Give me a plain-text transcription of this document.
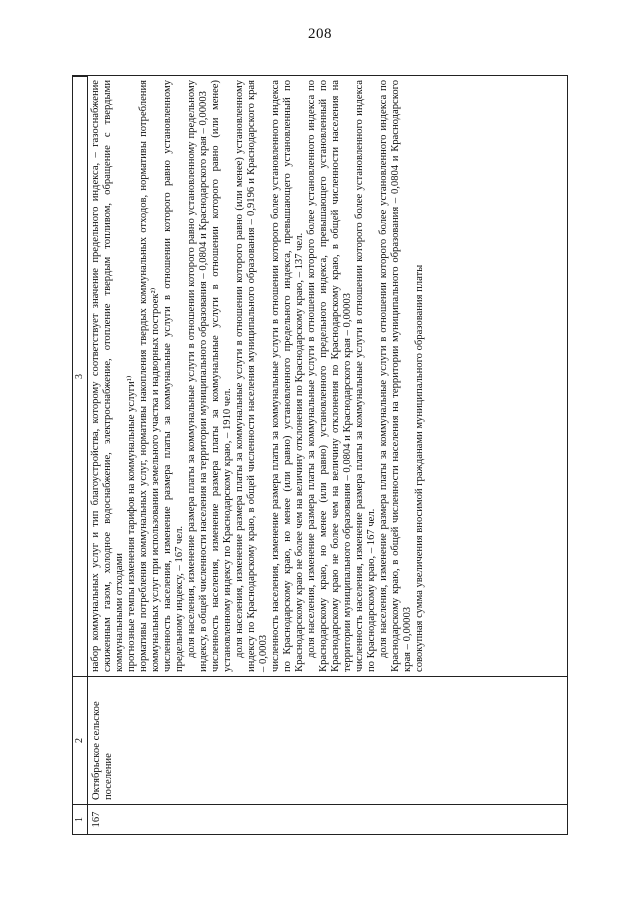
208
1
2
3
167
Октябрьское сельское поселение

набор коммунальных услуг и тип благоустройства, которому соответствует значение предельного индекса, – газоснабжение сжиженным газом, холодное водоснабжение, электроснабжение, отопление твердым топливом, обращение с твердыми коммунальными отходами прогнозные темпы изменения тарифов на коммунальные услуги¹⁾ нормативы потребления коммунальных услуг, нормативы накопления твердых коммунальных отходов, нормативы потребления коммунальных услуг при использовании земельного участка и надворных построек²⁾ численность населения, изменение размера платы за коммунальные услуги в отношении которого равно установленному предельному индексу, – 167 чел. доля населения, изменение размера платы за коммунальные услуги в отношении которого равно установленному предельному индексу, в общей численности населения на территории муниципального образования – 0,0804 и Краснодарского края – 0,00003 численность населения, изменение размера платы за коммунальные услуги в отношении которого равно (или менее) установленному индексу по Краснодарскому краю, – 1910 чел. доля населения, изменение размера платы за коммунальные услуги в отношении которого равно (или менее) установленному индексу по Краснодарскому краю, в общей численности населения муниципального образования – 0,9196 и Краснодарского края – 0,0003 численность населения, изменение размера платы за коммунальные услуги в отношении которого более установленного индекса по Краснодарскому краю, но менее (или равно) установленного предельного индекса, превышающего установленный по Краснодарскому краю не более чем на величину отклонения по Краснодарскому краю, – 137 чел. доля населения, изменение размера платы за коммунальные услуги в отношении которого более установленного индекса по Краснодарскому краю, но менее (или равно) установленного предельного индекса, превышающего установленный по Краснодарскому краю не более чем на величину отклонения по Краснодарскому краю, в общей численности населения на территории муниципального образования – 0,0804 и Краснодарского края – 0,00003 численность населения, изменение размера платы за коммунальные услуги в отношении которого более установленного индекса по Краснодарскому краю, – 167 чел. доля населения, изменение размера платы за коммунальные услуги в отношении которого более установленного индекса по Краснодарскому краю, в общей численности населения на территории муниципального образования – 0,0804 и Краснодарского края – 0,00003 совокупная сумма увеличения вносимой гражданами муниципального образования платы
